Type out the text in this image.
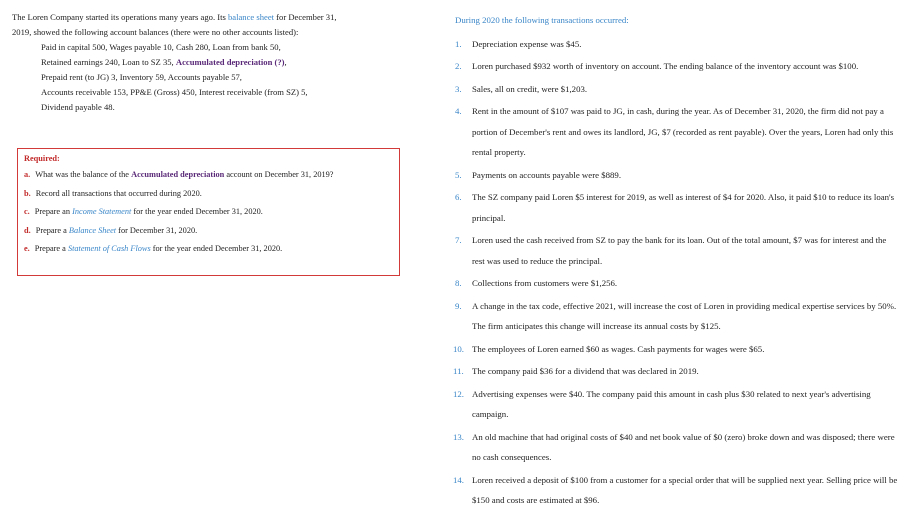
The Loren Company started its operations many years ago. Its balance sheet for December 31,

2019, showed the following account balances (there were no other accounts listed):

Paid in capital 500, Wages payable 10, Cash 280, Loan from bank 50,

Retained earnings 240, Loan to SZ 35, Accumulated depreciation (?),

Prepaid rent (to JG) 3, Inventory 59, Accounts payable 57,

Accounts receivable 153, PP&E (Gross) 450, Interest receivable (from SZ) 5,

Dividend payable 48.

Required:
a. What was the balance of the Accumulated depreciation account on December 31, 2019?
b. Record all transactions that occurred during 2020.
c. Prepare an Income Statement for the year ended December 31, 2020.
d. Prepare a Balance Sheet for December 31, 2020.
e. Prepare a Statement of Cash Flows for the year ended December 31, 2020.
During 2020 the following transactions occurred:
1. Depreciation expense was $45.
2. Loren purchased $932 worth of inventory on account. The ending balance of the inventory account was $100.
3. Sales, all on credit, were $1,203.
4. Rent in the amount of $107 was paid to JG, in cash, during the year. As of December 31, 2020, the firm did not pay a portion of December's rent and owes its landlord, JG, $7 (recorded as rent payable). Over the years, Loren had only this rental property.
5. Payments on accounts payable were $889.
6. The SZ company paid Loren $5 interest for 2019, as well as interest of $4 for 2020. Also, it paid $10 to reduce its loan's principal.
7. Loren used the cash received from SZ to pay the bank for its loan. Out of the total amount, $7 was for interest and the rest was used to reduce the principal.
8. Collections from customers were $1,256.
9. A change in the tax code, effective 2021, will increase the cost of Loren in providing medical expertise services by 50%. The firm anticipates this change will increase its annual costs by $125.
10. The employees of Loren earned $60 as wages. Cash payments for wages were $65.
11. The company paid $36 for a dividend that was declared in 2019.
12. Advertising expenses were $40. The company paid this amount in cash plus $30 related to next year's advertising campaign.
13. An old machine that had original costs of $40 and net book value of $0 (zero) broke down and was disposed; there were no cash consequences.
14. Loren received a deposit of $100 from a customer for a special order that will be supplied next year. Selling price will be $150 and costs are estimated at $96.
